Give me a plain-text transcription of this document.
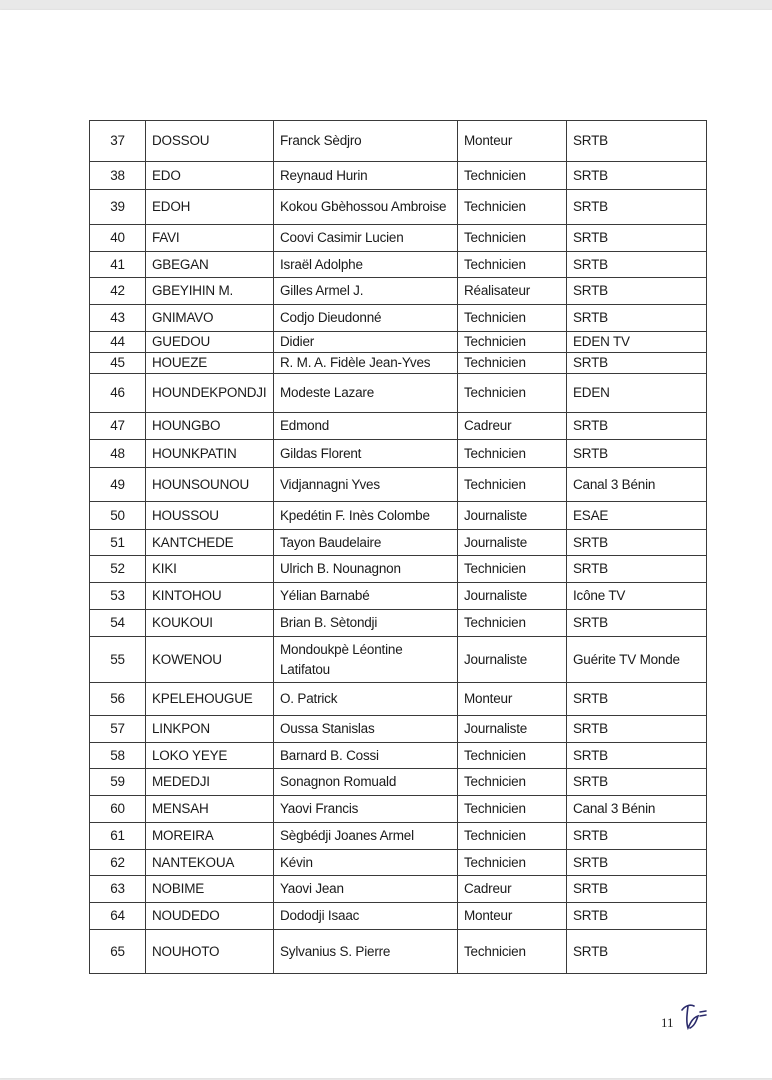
37	DOSSOU	Franck Sèdjro	Monteur	SRTB
38	EDO	Reynaud Hurin	Technicien	SRTB
39	EDOH	Kokou Gbèhossou Ambroise	Technicien	SRTB
40	FAVI	Coovi Casimir Lucien	Technicien	SRTB
41	GBEGAN	Israël Adolphe	Technicien	SRTB
42	GBEYIHIN M.	Gilles Armel J.	Réalisateur	SRTB
43	GNIMAVO	Codjo Dieudonné	Technicien	SRTB
44	GUEDOU	Didier	Technicien	EDEN TV
45	HOUEZE	R. M. A. Fidèle Jean-Yves	Technicien	SRTB
46	HOUNDEKPONDJI	Modeste Lazare	Technicien	EDEN
47	HOUNGBO	Edmond	Cadreur	SRTB
48	HOUNKPATIN	Gildas Florent	Technicien	SRTB
49	HOUNSOUNOU	Vidjannagni Yves	Technicien	Canal 3 Bénin
50	HOUSSOU	Kpedétin F. Inès Colombe	Journaliste	ESAE
51	KANTCHEDE	Tayon Baudelaire	Journaliste	SRTB
52	KIKI	Ulrich B. Nounagnon	Technicien	SRTB
53	KINTOHOU	Yélian Barnabé	Journaliste	Icône TV
54	KOUKOUI	Brian B. Sètondji	Technicien	SRTB
55	KOWENOU	Mondoukpè Léontine Latifatou	Journaliste	Guérite TV Monde
56	KPELEHOUGUE	O. Patrick	Monteur	SRTB
57	LINKPON	Oussa Stanislas	Journaliste	SRTB
58	LOKO YEYE	Barnard B. Cossi	Technicien	SRTB
59	MEDEDJI	Sonagnon Romuald	Technicien	SRTB
60	MENSAH	Yaovi Francis	Technicien	Canal 3 Bénin
61	MOREIRA	Sègbédji Joanes Armel	Technicien	SRTB
62	NANTEKOUA	Kévin	Technicien	SRTB
63	NOBIME	Yaovi Jean	Cadreur	SRTB
64	NOUDEDO	Dododji Isaac	Monteur	SRTB
65	NOUHOTO	Sylvanius S. Pierre	Technicien	SRTB
11
